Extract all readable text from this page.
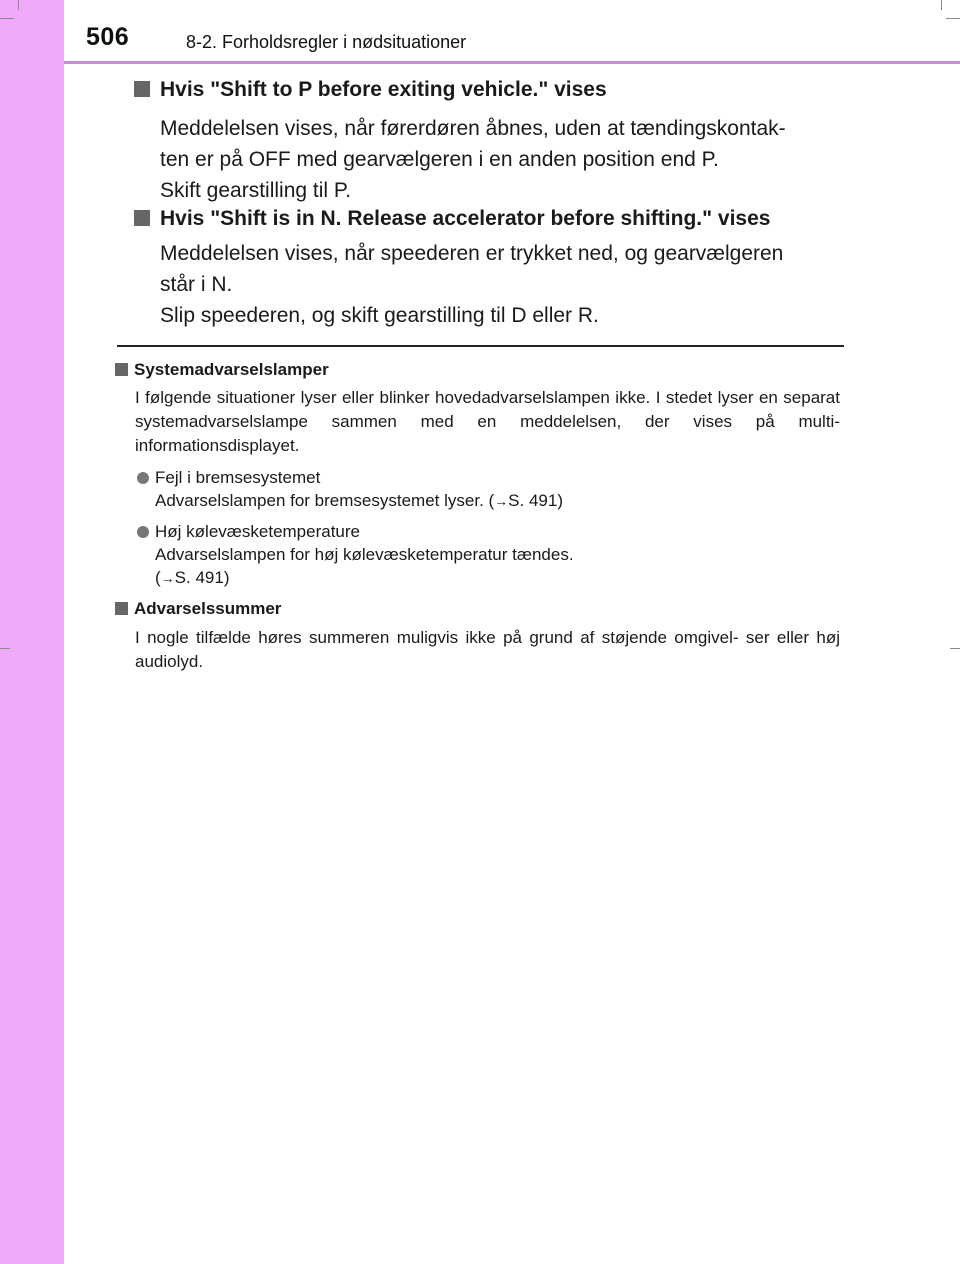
506	8-2. Forholdsregler i nødsituationer
Hvis "Shift to P before exiting vehicle." vises
Meddelelsen vises, når førerdøren åbnes, uden at tændingskontak-
ten er på OFF med gearvælgeren i en anden position end P.
Skift gearstilling til P.
Hvis "Shift is in N. Release accelerator before shifting." vises
Meddelelsen vises, når speederen er trykket ned, og gearvælgeren
står i N.
Slip speederen, og skift gearstilling til D eller R.
Systemadvarselslamper
I følgende situationer lyser eller blinker hovedadvarselslampen ikke. I stedet lyser en separat systemadvarselslampe sammen med en meddelelsen, der vises på multi-informationsdisplayet.
Fejl i bremsesystemet
Advarselslampen for bremsesystemet lyser. (→S. 491)
Høj kølevæsketemperature
Advarselslampen for høj kølevæsketemperatur tændes.
(→S. 491)
Advarselssummer
I nogle tilfælde høres summeren muligvis ikke på grund af støjende omgivel- ser eller høj audiolyd.
